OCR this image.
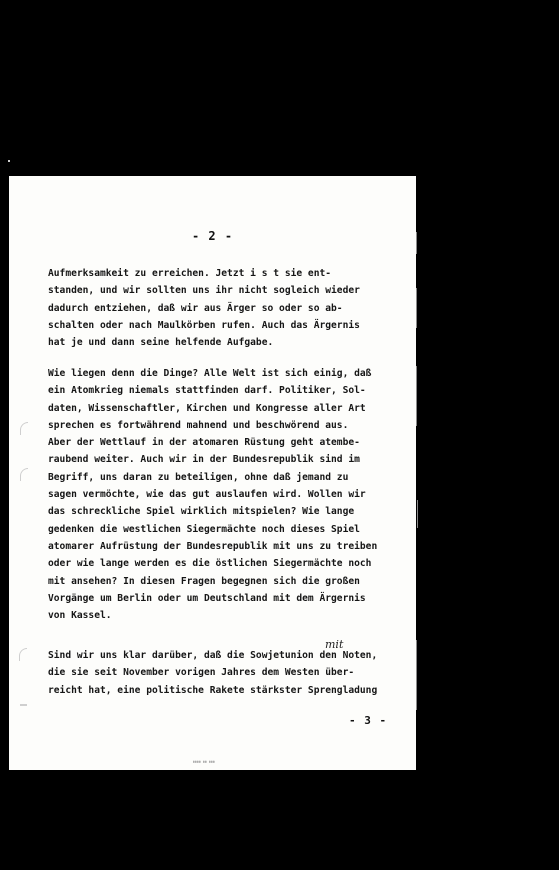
- 2 -
Aufmerksamkeit zu erreichen. Jetzt i s t sie ent-
standen, und wir sollten uns ihr nicht sogleich wieder
dadurch entziehen, daß wir aus Ärger so oder so ab-
schalten oder nach Maulkörben rufen. Auch das Ärgernis
hat je und dann seine helfende Aufgabe.
Wie liegen denn die Dinge? Alle Welt ist sich einig, daß
ein Atomkrieg niemals stattfinden darf. Politiker, Sol-
daten, Wissenschaftler, Kirchen und Kongresse aller Art
sprechen es fortwährend mahnend und beschwörend aus.
Aber der Wettlauf in der atomaren Rüstung geht atembe-
raubend weiter. Auch wir in der Bundesrepublik sind im
Begriff, uns daran zu beteiligen, ohne daß jemand zu
sagen vermöchte, wie das gut auslaufen wird. Wollen wir
das schreckliche Spiel wirklich mitspielen? Wie lange
gedenken die westlichen Siegermächte noch dieses Spiel
atomarer Aufrüstung der Bundesrepublik mit uns zu treiben
oder wie lange werden es die östlichen Siegermächte noch
mit ansehen? In diesen Fragen begegnen sich die großen
Vorgänge um Berlin oder um Deutschland mit dem Ärgernis
von Kassel.
mit
Sind wir uns klar darüber, daß die Sowjetunion den Noten,
die sie seit November vorigen Jahres dem Westen über-
reicht hat, eine politische Rakete stärkster Sprengladung
- 3 -
ΦΦΦΦ ΦΦ ΦΦΦ
